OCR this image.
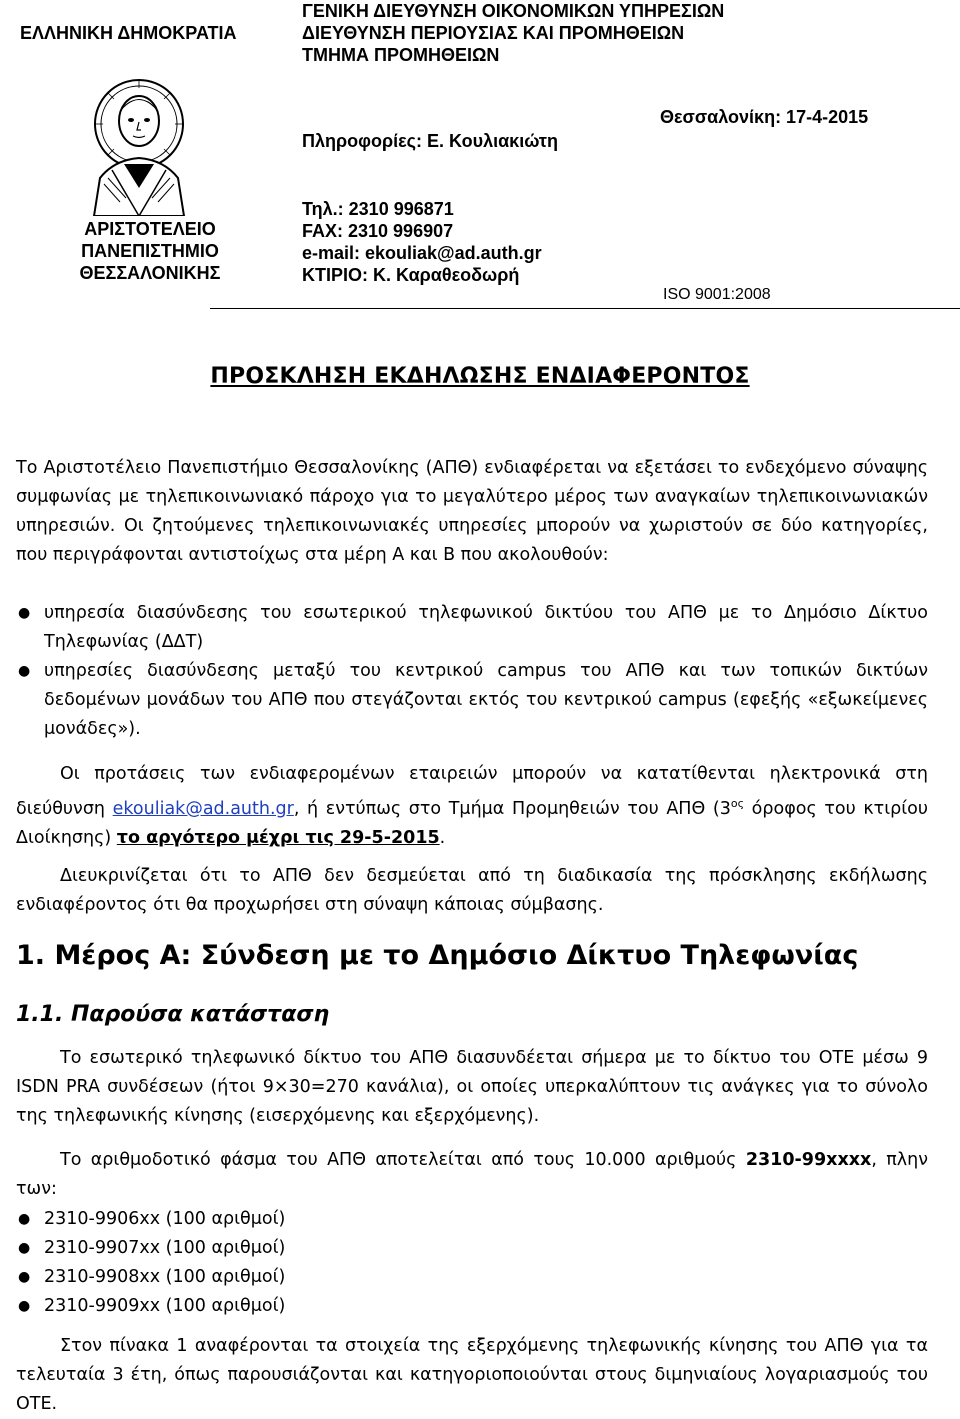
ΕΛΛΗΝΙΚΗ ΔΗΜΟΚΡΑΤΙΑ
ΓΕΝΙΚΗ ΔΙΕΥΘΥΝΣΗ ΟΙΚΟΝΟΜΙΚΩΝ ΥΠΗΡΕΣΙΩΝ
ΔΙΕΥΘΥΝΣΗ ΠΕΡΙΟΥΣΙΑΣ ΚΑΙ ΠΡΟΜΗΘΕΙΩΝ
ΤΜΗΜΑ ΠΡΟΜΗΘΕΙΩΝ
Θεσσαλονίκη: 17-4-2015
Πληροφορίες: Ε. Κουλιακιώτη
Τηλ.: 2310 996871
FAX: 2310 996907
e-mail: ekouliak@ad.auth.gr
ΚΤΙΡΙΟ: Κ. Καραθεοδωρή
ΑΡΙΣΤΟΤΕΛΕΙΟ
ΠΑΝΕΠΙΣΤΗΜΙΟ
ΘΕΣΣΑΛΟΝΙΚΗΣ
ISO 9001:2008
ΠΡΟΣΚΛΗΣΗ ΕΚΔΗΛΩΣΗΣ ΕΝΔΙΑΦΕΡΟΝΤΟΣ
Το Αριστοτέλειο Πανεπιστήμιο Θεσσαλονίκης (ΑΠΘ) ενδιαφέρεται να εξετάσει το ενδεχόμενο σύναψης συμφωνίας με τηλεπικοινωνιακό πάροχο για το μεγαλύτερο μέρος των αναγκαίων τηλεπικοινωνιακών υπηρεσιών. Οι ζητούμενες τηλεπικοινωνιακές υπηρεσίες μπορούν να χωριστούν σε δύο κατηγορίες, που περιγράφονται αντιστοίχως στα μέρη Α και Β που ακολουθούν:
● υπηρεσία διασύνδεσης του εσωτερικού τηλεφωνικού δικτύου του ΑΠΘ με το Δημόσιο Δίκτυο Τηλεφωνίας (ΔΔΤ)
● υπηρεσίες διασύνδεσης μεταξύ του κεντρικού campus του ΑΠΘ και των τοπικών δικτύων δεδομένων μονάδων του ΑΠΘ που στεγάζονται εκτός του κεντρικού campus (εφεξής «εξωκείμενες μονάδες»).
Οι προτάσεις των ενδιαφερομένων εταιρειών μπορούν να κατατίθενται ηλεκτρονικά στη διεύθυνση ekouliak@ad.auth.gr, ή εντύπως στο Τμήμα Προμηθειών του ΑΠΘ ($3^{o\varsigma}$ όροφος του κτιρίου Διοίκησης) το αργότερο μέχρι τις 29-5-2015.
Διευκρινίζεται ότι το ΑΠΘ δεν δεσμεύεται από τη διαδικασία της πρόσκλησης εκδήλωσης ενδιαφέροντος ότι θα προχωρήσει στη σύναψη κάποιας σύμβασης.
1. Μέρος Α: Σύνδεση με το Δημόσιο Δίκτυο Τηλεφωνίας
1.1. Παρούσα κατάσταση
Το εσωτερικό τηλεφωνικό δίκτυο του ΑΠΘ διασυνδέεται σήμερα με το δίκτυο του ΟΤΕ μέσω 9 ISDN PRA συνδέσεων (ήτοι 9×30=270 κανάλια), οι οποίες υπερκαλύπτουν τις ανάγκες για το σύνολο της τηλεφωνικής κίνησης (εισερχόμενης και εξερχόμενης).
Το αριθμοδοτικό φάσμα του ΑΠΘ αποτελείται από τους 10.000 αριθμούς 2310-99xxxx, πλην των:
● 2310-9906xx (100 αριθμοί)
● 2310-9907xx (100 αριθμοί)
● 2310-9908xx (100 αριθμοί)
● 2310-9909xx (100 αριθμοί)
Στον πίνακα 1 αναφέρονται τα στοιχεία της εξερχόμενης τηλεφωνικής κίνησης του ΑΠΘ για τα τελευταία 3 έτη, όπως παρουσιάζονται και κατηγοριοποιούνται στους διμηνιαίους λογαριασμούς του ΟΤΕ.
